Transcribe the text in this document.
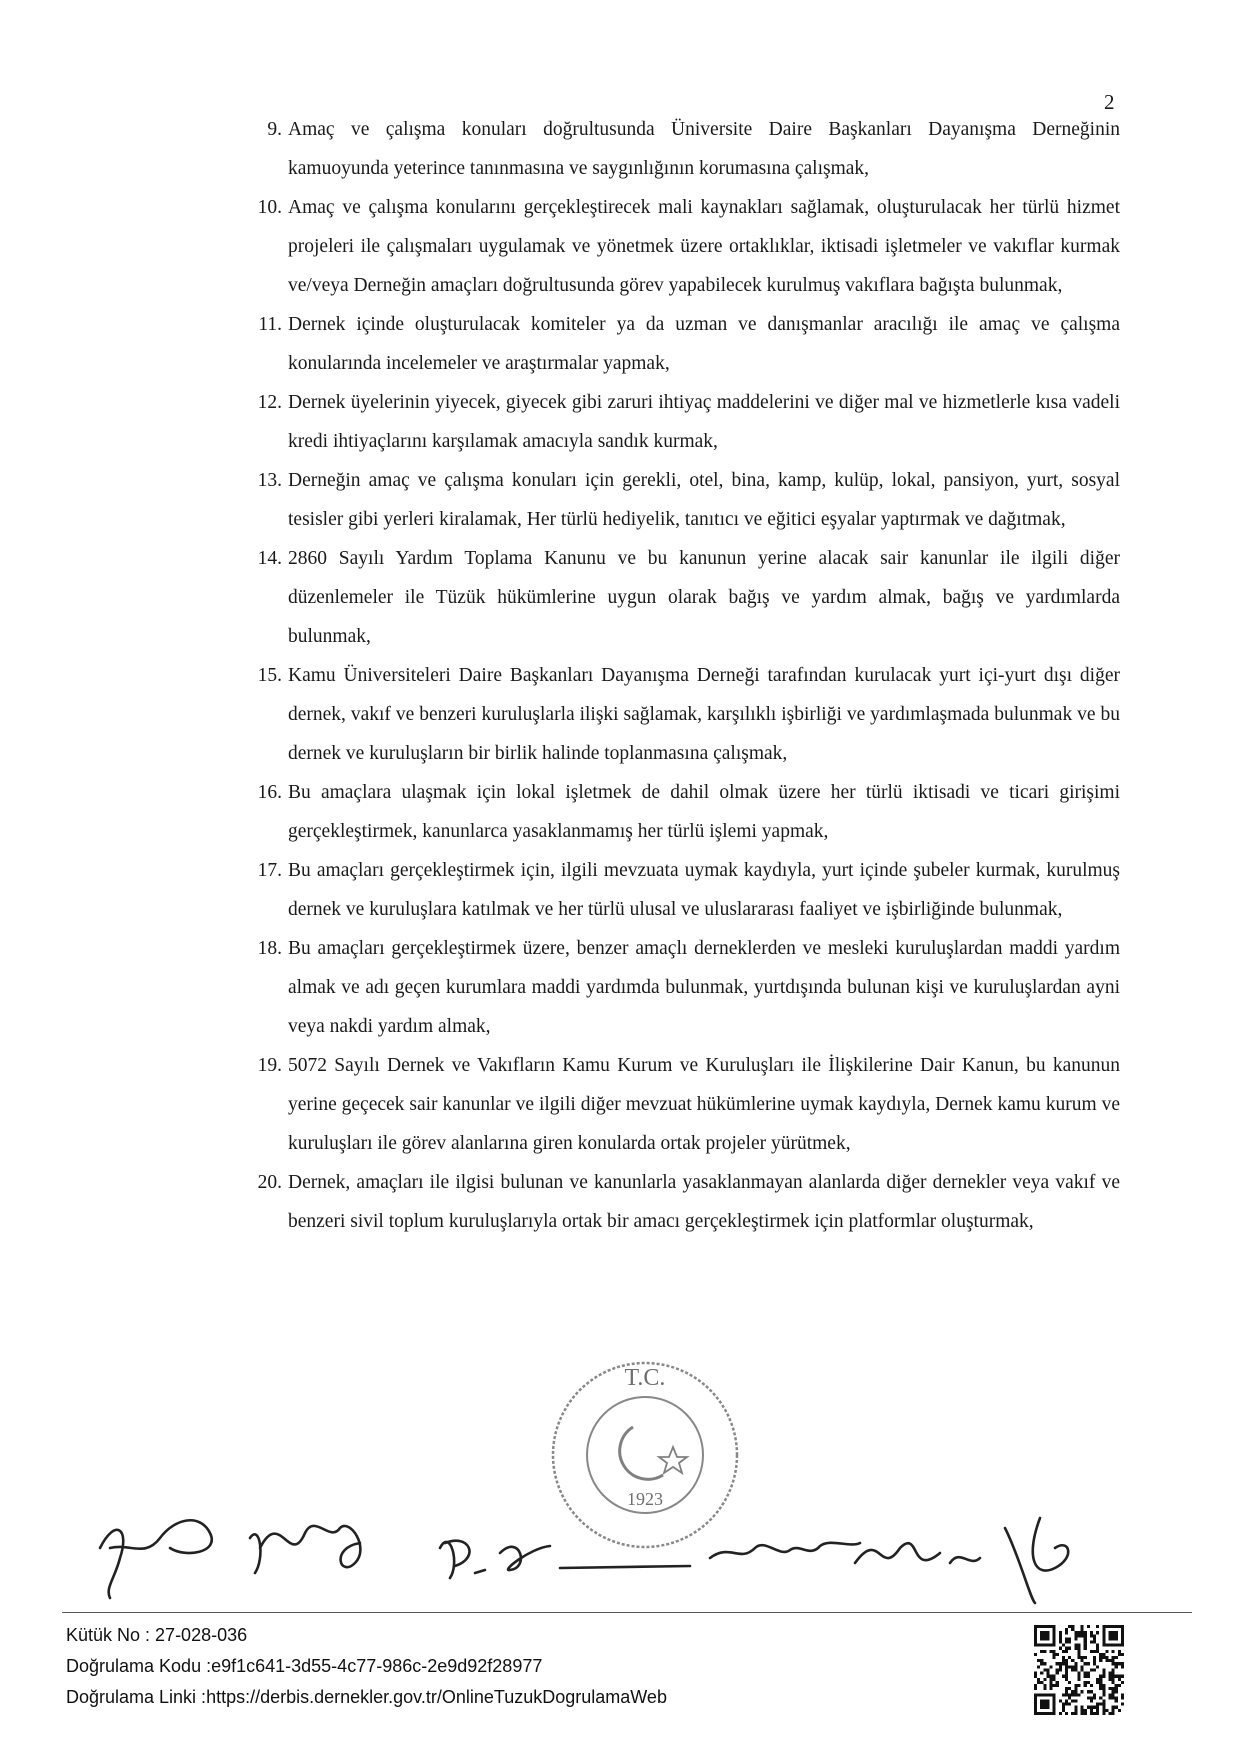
2
9. Amaç ve çalışma konuları doğrultusunda Üniversite Daire Başkanları Dayanışma Derneğinin kamuoyunda yeterince tanınmasına ve saygınlığının korumasına çalışmak,
10. Amaç ve çalışma konularını gerçekleştirecek mali kaynakları sağlamak, oluşturulacak her türlü hizmet projeleri ile çalışmaları uygulamak ve yönetmek üzere ortaklıklar, iktisadi işletmeler ve vakıflar kurmak ve/veya Derneğin amaçları doğrultusunda görev yapabilecek kurulmuş vakıflara bağışta bulunmak,
11. Dernek içinde oluşturulacak komiteler ya da uzman ve danışmanlar aracılığı ile amaç ve çalışma konularında incelemeler ve araştırmalar yapmak,
12. Dernek üyelerinin yiyecek, giyecek gibi zaruri ihtiyaç maddelerini ve diğer mal ve hizmetlerle kısa vadeli kredi ihtiyaçlarını karşılamak amacıyla sandık kurmak,
13. Derneğin amaç ve çalışma konuları için gerekli, otel, bina, kamp, kulüp, lokal, pansiyon, yurt, sosyal tesisler gibi yerleri kiralamak, Her türlü hediyelik, tanıtıcı ve eğitici eşyalar yaptırmak ve dağıtmak,
14. 2860 Sayılı Yardım Toplama Kanunu ve bu kanunun yerine alacak sair kanunlar ile ilgili diğer düzenlemeler ile Tüzük hükümlerine uygun olarak bağış ve yardım almak, bağış ve yardımlarda bulunmak,
15. Kamu Üniversiteleri Daire Başkanları Dayanışma Derneği tarafından kurulacak yurt içi-yurt dışı diğer dernek, vakıf ve benzeri kuruluşlarla ilişki sağlamak, karşılıklı işbirliği ve yardımlaşmada bulunmak ve bu dernek ve kuruluşların bir birlik halinde toplanmasına çalışmak,
16. Bu amaçlara ulaşmak için lokal işletmek de dahil olmak üzere her türlü iktisadi ve ticari girişimi gerçekleştirmek, kanunlarca yasaklanmamış her türlü işlemi yapmak,
17. Bu amaçları gerçekleştirmek için, ilgili mevzuata uymak kaydıyla, yurt içinde şubeler kurmak, kurulmuş dernek ve kuruluşlara katılmak ve her türlü ulusal ve uluslararası faaliyet ve işbirliğinde bulunmak,
18. Bu amaçları gerçekleştirmek üzere, benzer amaçlı derneklerden ve mesleki kuruluşlardan maddi yardım almak ve adı geçen kurumlara maddi yardımda bulunmak, yurtdışında bulunan kişi ve kuruluşlardan ayni veya nakdi yardım almak,
19. 5072 Sayılı Dernek ve Vakıfların Kamu Kurum ve Kuruluşları ile İlişkilerine Dair Kanun, bu kanunun yerine geçecek sair kanunlar ve ilgili diğer mevzuat hükümlerine uymak kaydıyla, Dernek kamu kurum ve kuruluşları ile görev alanlarına giren konularda ortak projeler yürütmek,
20. Dernek, amaçları ile ilgisi bulunan ve kanunlarla yasaklanmayan alanlarda diğer dernekler veya vakıf ve benzeri sivil toplum kuruluşlarıyla ortak bir amacı gerçekleştirmek için platformlar oluşturmak,
T.C.
1923
Kütük No : 27-028-036
Doğrulama Kodu :e9f1c641-3d55-4c77-986c-2e9d92f28977
Doğrulama Linki :https://derbis.dernekler.gov.tr/OnlineTuzukDogrulamaWeb
